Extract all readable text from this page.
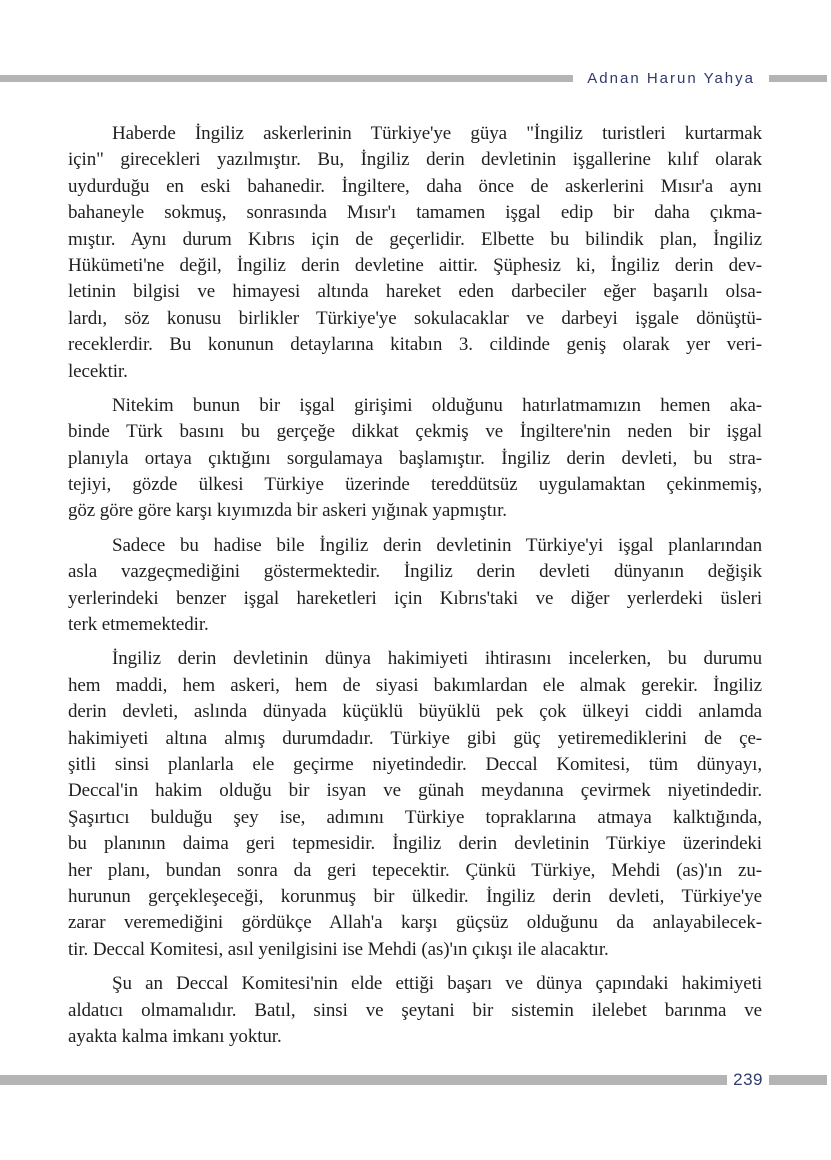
Adnan Harun Yahya
Haberde İngiliz askerlerinin Türkiye'ye güya "İngiliz turistleri kurtarmak
için" girecekleri yazılmıştır. Bu, İngiliz derin devletinin işgallerine kılıf olarak
uydurduğu en eski bahanedir. İngiltere, daha önce de askerlerini Mısır'a aynı
bahaneyle sokmuş, sonrasında Mısır'ı tamamen işgal edip bir daha çıkma-
mıştır. Aynı durum Kıbrıs için de geçerlidir. Elbette bu bilindik plan, İngiliz
Hükümeti'ne değil, İngiliz derin devletine aittir. Şüphesiz ki, İngiliz derin dev-
letinin bilgisi ve himayesi altında hareket eden darbeciler eğer başarılı olsa-
lardı, söz konusu birlikler Türkiye'ye sokulacaklar ve darbeyi işgale dönüştü-
receklerdir. Bu konunun detaylarına kitabın 3. cildinde geniş olarak yer veri-
lecektir.
Nitekim bunun bir işgal girişimi olduğunu hatırlatmamızın hemen aka-
binde Türk basını bu gerçeğe dikkat çekmiş ve İngiltere'nin neden bir işgal
planıyla ortaya çıktığını sorgulamaya başlamıştır. İngiliz derin devleti, bu stra-
tejiyi, gözde ülkesi Türkiye üzerinde tereddütsüz uygulamaktan çekinmemiş,
göz göre göre karşı kıyımızda bir askeri yığınak yapmıştır.
Sadece bu hadise bile İngiliz derin devletinin Türkiye'yi işgal planlarından
asla vazgeçmediğini göstermektedir. İngiliz derin devleti dünyanın değişik
yerlerindeki benzer işgal hareketleri için Kıbrıs'taki ve diğer yerlerdeki üsleri
terk etmemektedir.
İngiliz derin devletinin dünya hakimiyeti ihtirasını incelerken, bu durumu
hem maddi, hem askeri, hem de siyasi bakımlardan ele almak gerekir. İngiliz
derin devleti, aslında dünyada küçüklü büyüklü pek çok ülkeyi ciddi anlamda
hakimiyeti altına almış durumdadır. Türkiye gibi güç yetiremediklerini de çe-
şitli sinsi planlarla ele geçirme niyetindedir. Deccal Komitesi, tüm dünyayı,
Deccal'in hakim olduğu bir isyan ve günah meydanına çevirmek niyetindedir.
Şaşırtıcı bulduğu şey ise, adımını Türkiye topraklarına atmaya kalktığında,
bu planının daima geri tepmesidir. İngiliz derin devletinin Türkiye üzerindeki
her planı, bundan sonra da geri tepecektir. Çünkü Türkiye, Mehdi (as)'ın zu-
hurunun gerçekleşeceği, korunmuş bir ülkedir. İngiliz derin devleti, Türkiye'ye
zarar veremediğini gördükçe Allah'a karşı güçsüz olduğunu da anlayabilecek-
tir. Deccal Komitesi, asıl yenilgisini ise Mehdi (as)'ın çıkışı ile alacaktır.
Şu an Deccal Komitesi'nin elde ettiği başarı ve dünya çapındaki hakimiyeti
aldatıcı olmamalıdır. Batıl, sinsi ve şeytani bir sistemin ilelebet barınma ve
ayakta kalma imkanı yoktur.
239
